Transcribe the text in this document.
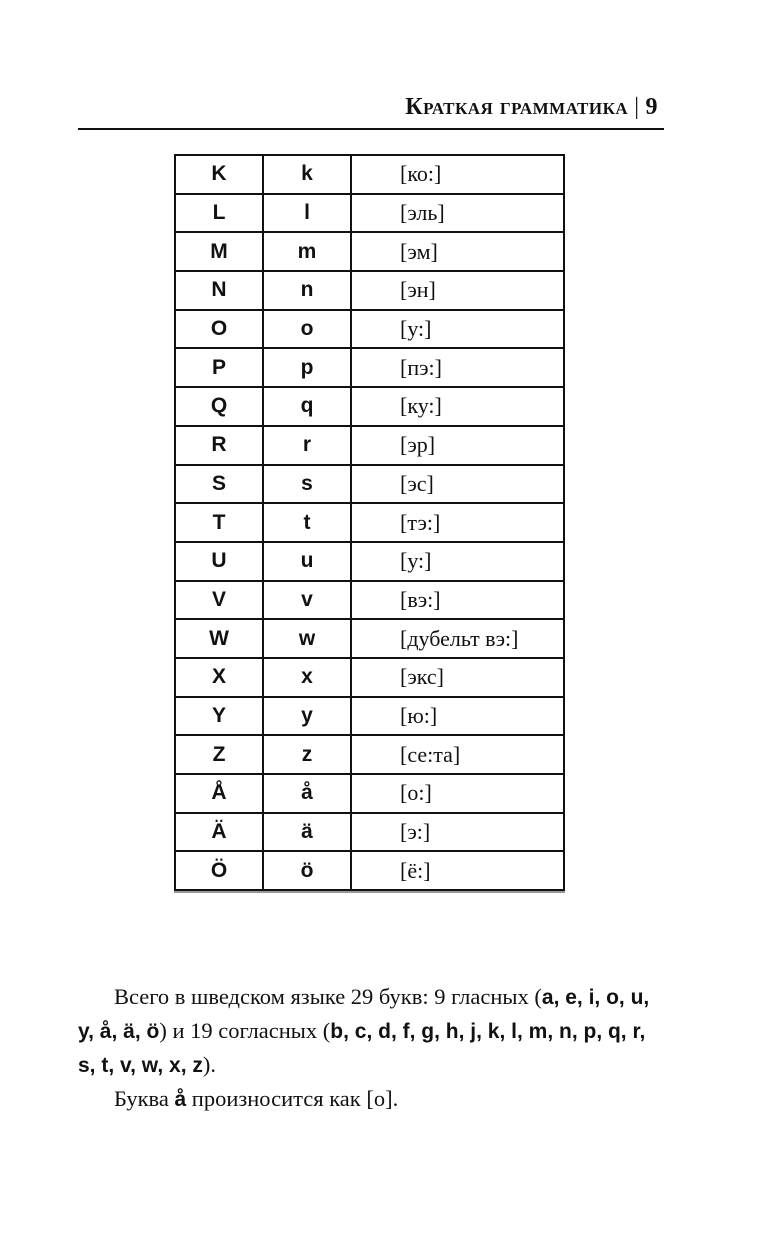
Краткая грамматика | 9
K	k	[ко:]
L	l	[эль]
M	m	[эм]
N	n	[эн]
O	o	[у:]
P	p	[пэ:]
Q	q	[ку:]
R	r	[эр]
S	s	[эс]
T	t	[тэ:]
U	u	[у:]
V	v	[вэ:]
W	w	[дубельт вэ:]
X	x	[экс]
Y	y	[ю:]
Z	z	[се:та]
Å	å	[о:]
Ä	ä	[э:]
Ö	ö	[ё:]

Всего в шведском языке 29 букв: 9 гласных (a, e, i, o, u, y, å, ä, ö) и 19 согласных (b, c, d, f, g, h, j, k, l, m, n, p, q, r, s, t, v, w, x, z).

Буква å произносится как [о].
